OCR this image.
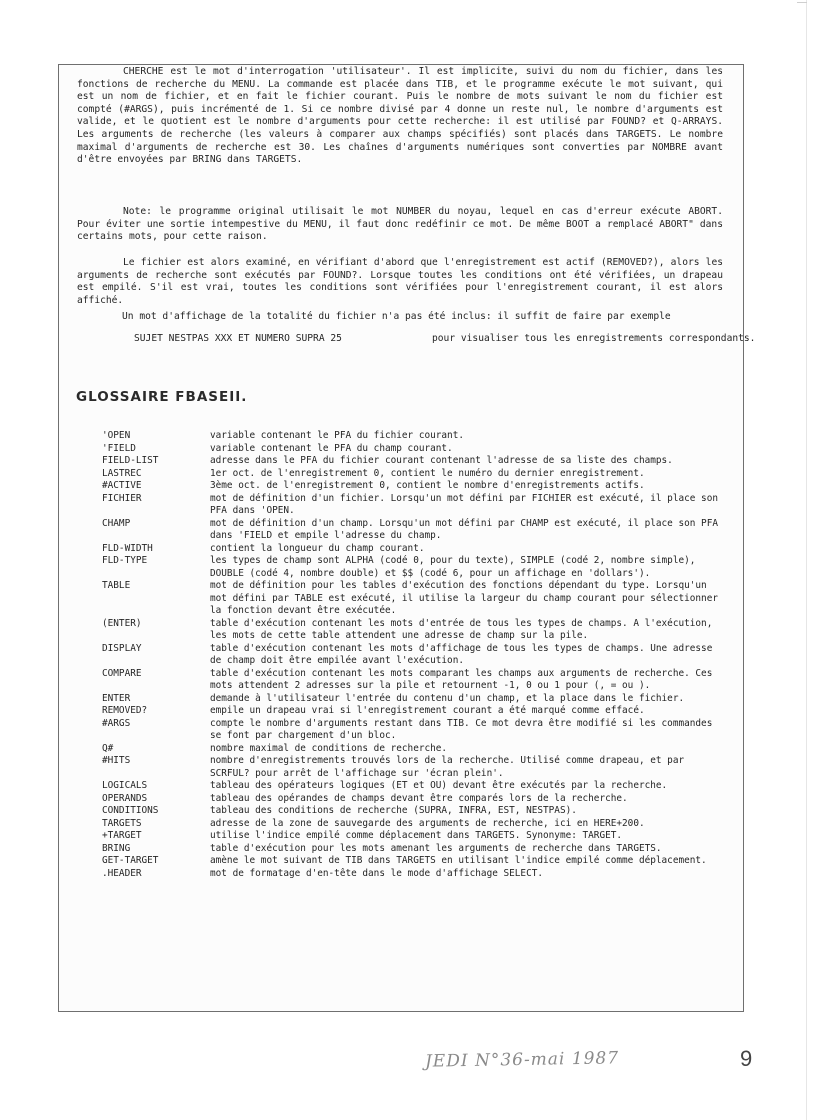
CHERCHE est le mot d'interrogation 'utilisateur'. Il est implicite, suivi du nom du fichier, dans les fonctions de recherche du MENU. La commande est placée dans TIB, et le programme exécute le mot suivant, qui est un nom de fichier, et en fait le fichier courant. Puis le nombre de mots suivant le nom du fichier est compté (#ARGS), puis incrémenté de 1. Si ce nombre divisé par 4 donne un reste nul, le nombre d'arguments est valide, et le quotient est le nombre d'arguments pour cette recherche: il est utilisé par FOUND? et Q-ARRAYS. Les arguments de recherche (les valeurs à comparer aux champs spécifiés) sont placés dans TARGETS. Le nombre maximal d'arguments de recherche est 30. Les chaînes d'arguments numériques sont converties par NOMBRE avant d'être envoyées par BRING dans TARGETS.

Note: le programme original utilisait le mot NUMBER du noyau, lequel en cas d'erreur exécute ABORT. Pour éviter une sortie intempestive du MENU, il faut donc redéfinir ce mot. De même BOOT a remplacé ABORT" dans certains mots, pour cette raison.

Le fichier est alors examiné, en vérifiant d'abord que l'enregistrement est actif (REMOVED?), alors les arguments de recherche sont exécutés par FOUND?. Lorsque toutes les conditions ont été vérifiées, un drapeau est empilé. S'il est vrai, toutes les conditions sont vérifiées pour l'enregistrement courant, il est alors affiché.

Un mot d'affichage de la totalité du fichier n'a pas été inclus: il suffit de faire par exemple
SUJET NESTPAS XXX ET NUMERO SUPRA 25	pour visualiser tous les enregistrements correspondants.
GLOSSAIRE FBASEII.
'OPEN	variable contenant le PFA du fichier courant.
'FIELD	variable contenant le PFA du champ courant.
FIELD-LIST	adresse dans le PFA du fichier courant contenant l'adresse de sa liste des champs.
LASTREC	1er oct. de l'enregistrement 0, contient le numéro du dernier enregistrement.
#ACTIVE	3ème oct. de l'enregistrement 0, contient le nombre d'enregistrements actifs.
FICHIER	mot de définition d'un fichier. Lorsqu'un mot défini par FICHIER est exécuté, il place son PFA dans 'OPEN.
CHAMP	mot de définition d'un champ. Lorsqu'un mot défini par CHAMP est exécuté, il place son PFA dans 'FIELD et empile l'adresse du champ.
FLD-WIDTH	contient la longueur du champ courant.
FLD-TYPE	les types de champ sont ALPHA (codé 0, pour du texte), SIMPLE (codé 2, nombre simple), DOUBLE (codé 4, nombre double) et $$ (codé 6, pour un affichage en 'dollars').
TABLE	mot de définition pour les tables d'exécution des fonctions dépendant du type. Lorsqu'un mot défini par TABLE est exécuté, il utilise la largeur du champ courant pour sélectionner la fonction devant être exécutée.
(ENTER)	table d'exécution contenant les mots d'entrée de tous les types de champs. A l'exécution, les mots de cette table attendent une adresse de champ sur la pile.
DISPLAY	table d'exécution contenant les mots d'affichage de tous les types de champs. Une adresse de champ doit être empilée avant l'exécution.
COMPARE	table d'exécution contenant les mots comparant les champs aux arguments de recherche. Ces mots attendent 2 adresses sur la pile et retournent -1, 0 ou 1 pour (, = ou ).
ENTER	demande à l'utilisateur l'entrée du contenu d'un champ, et la place dans le fichier.
REMOVED?	empile un drapeau vrai si l'enregistrement courant a été marqué comme effacé.
#ARGS	compte le nombre d'arguments restant dans TIB. Ce mot devra être modifié si les commandes se font par chargement d'un bloc.
Q#	nombre maximal de conditions de recherche.
#HITS	nombre d'enregistrements trouvés lors de la recherche. Utilisé comme drapeau, et par SCRFUL? pour arrêt de l'affichage sur 'écran plein'.
LOGICALS	tableau des opérateurs logiques (ET et OU) devant être exécutés par la recherche.
OPERANDS	tableau des opérandes de champs devant être comparés lors de la recherche.
CONDITIONS	tableau des conditions de recherche (SUPRA, INFRA, EST, NESTPAS).
TARGETS	adresse de la zone de sauvegarde des arguments de recherche, ici en HERE+200.
+TARGET	utilise l'indice empilé comme déplacement dans TARGETS. Synonyme: TARGET.
BRING	table d'exécution pour les mots amenant les arguments de recherche dans TARGETS.
GET-TARGET	amène le mot suivant de TIB dans TARGETS en utilisant l'indice empilé comme déplacement.
.HEADER	mot de formatage d'en-tête dans le mode d'affichage SELECT.
JEDI N°36-mai 1987	9
